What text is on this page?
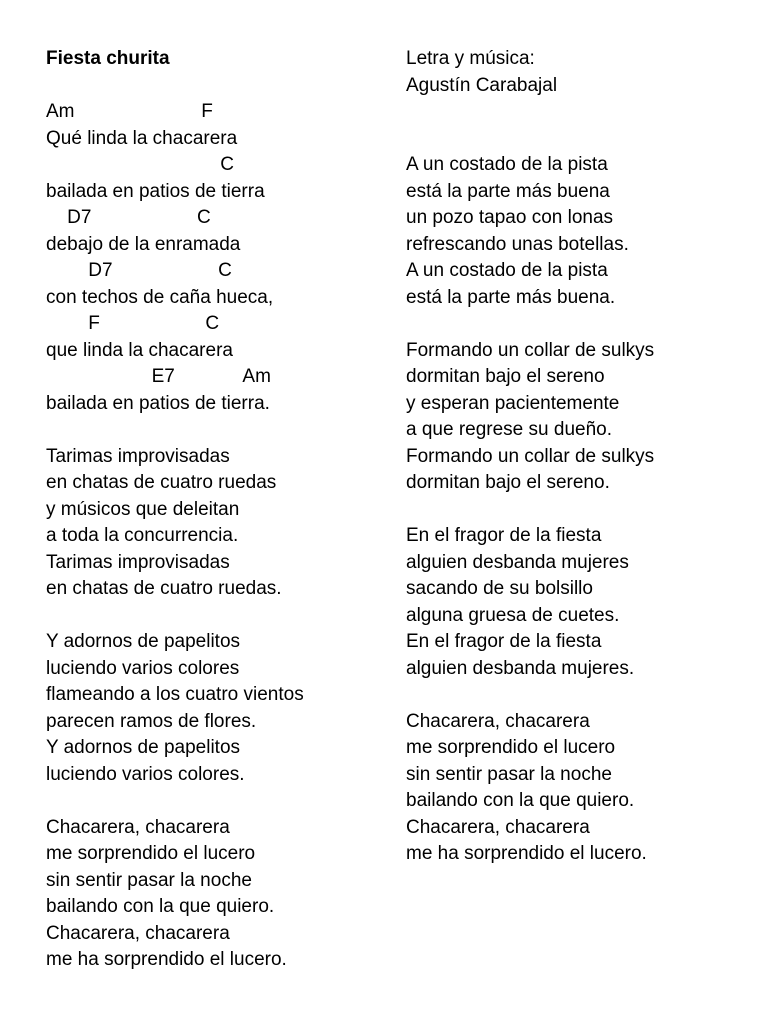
Fiesta churita

Am                        F

Qué linda la chacarera

C

bailada en patios de tierra

D7                    C

debajo de la enramada

D7                    C

con techos de caña hueca,

F                    C

que linda la chacarera

E7             Am

bailada en patios de tierra.

Tarimas improvisadas

en chatas de cuatro ruedas

y músicos que deleitan

a toda la concurrencia.

Tarimas improvisadas

en chatas de cuatro ruedas.

Y adornos de papelitos

luciendo varios colores

flameando a los cuatro vientos

parecen ramos de flores.

Y adornos de papelitos

luciendo varios colores.

Chacarera, chacarera

me sorprendido el lucero

sin sentir pasar la noche

bailando con la que quiero.

Chacarera, chacarera

me ha sorprendido el lucero.

Letra y música:

Agustín Carabajal

A un costado de la pista

está la parte más buena

un pozo tapao con lonas

refrescando unas botellas.

A un costado de la pista

está la parte más buena.

Formando un collar de sulkys

dormitan bajo el sereno

y esperan pacientemente

a que regrese su dueño.

Formando un collar de sulkys

dormitan bajo el sereno.

En el fragor de la fiesta

alguien desbanda mujeres

sacando de su bolsillo

alguna gruesa de cuetes.

En el fragor de la fiesta

alguien desbanda mujeres.

Chacarera, chacarera

me sorprendido el lucero

sin sentir pasar la noche

bailando con la que quiero.

Chacarera, chacarera

me ha sorprendido el lucero.
